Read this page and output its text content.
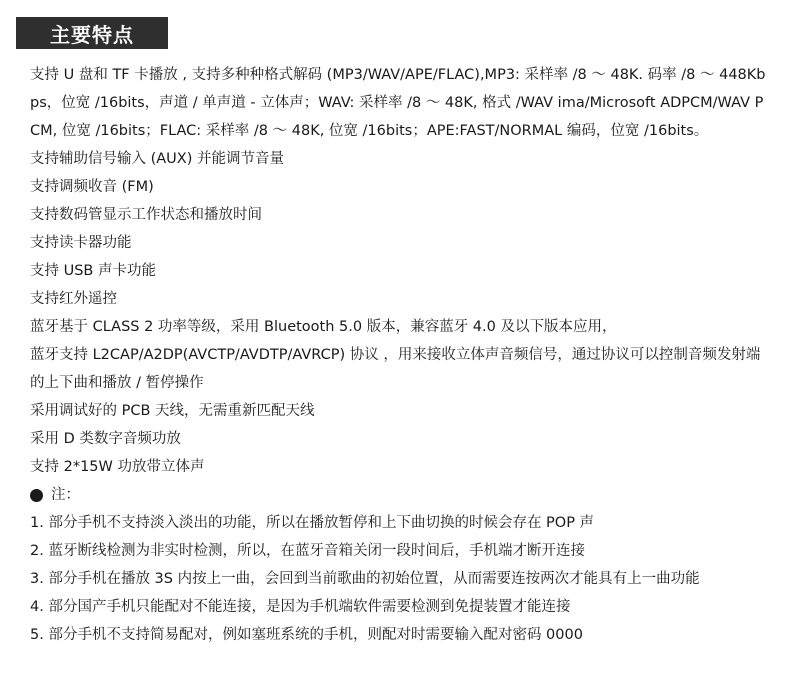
主要特点
支持 U 盘和 TF 卡播放 , 支持多种种格式解码 (MP3/WAV/APE/FLAC),MP3: 采样率 /8 ～ 48K. 码率 /8 ～ 448Kbps，位宽 /16bits，声道 / 单声道 - 立体声；WAV: 采样率 /8 ～ 48K, 格式 /WAV ima/Microsoft ADPCM/WAV PCM, 位宽 /16bits；FLAC: 采样率 /8 ～ 48K, 位宽 /16bits；APE:FAST/NORMAL 编码，位宽 /16bits。
支持辅助信号输入 (AUX) 并能调节音量
支持调频收音 (FM)
支持数码管显示工作状态和播放时间
支持读卡器功能
支持 USB 声卡功能
支持红外遥控
蓝牙基于 CLASS 2 功率等级，采用 Bluetooth 5.0 版本，兼容蓝牙 4.0 及以下版本应用，
蓝牙支持 L2CAP/A2DP(AVCTP/AVDTP/AVRCP) 协议 ，用来接收立体声音频信号，通过协议可以控制音频发射端的上下曲和播放 / 暂停操作
采用调试好的 PCB 天线，无需重新匹配天线
采用 D 类数字音频功放
支持 2*15W 功放带立体声
注：
1. 部分手机不支持淡入淡出的功能，所以在播放暂停和上下曲切换的时候会存在 POP 声
2. 蓝牙断线检测为非实时检测，所以，在蓝牙音箱关闭一段时间后，手机端才断开连接
3. 部分手机在播放 3S 内按上一曲，会回到当前歌曲的初始位置，从而需要连按两次才能具有上一曲功能
4. 部分国产手机只能配对不能连接，是因为手机端软件需要检测到免提装置才能连接
5. 部分手机不支持简易配对，例如塞班系统的手机，则配对时需要输入配对密码 0000
